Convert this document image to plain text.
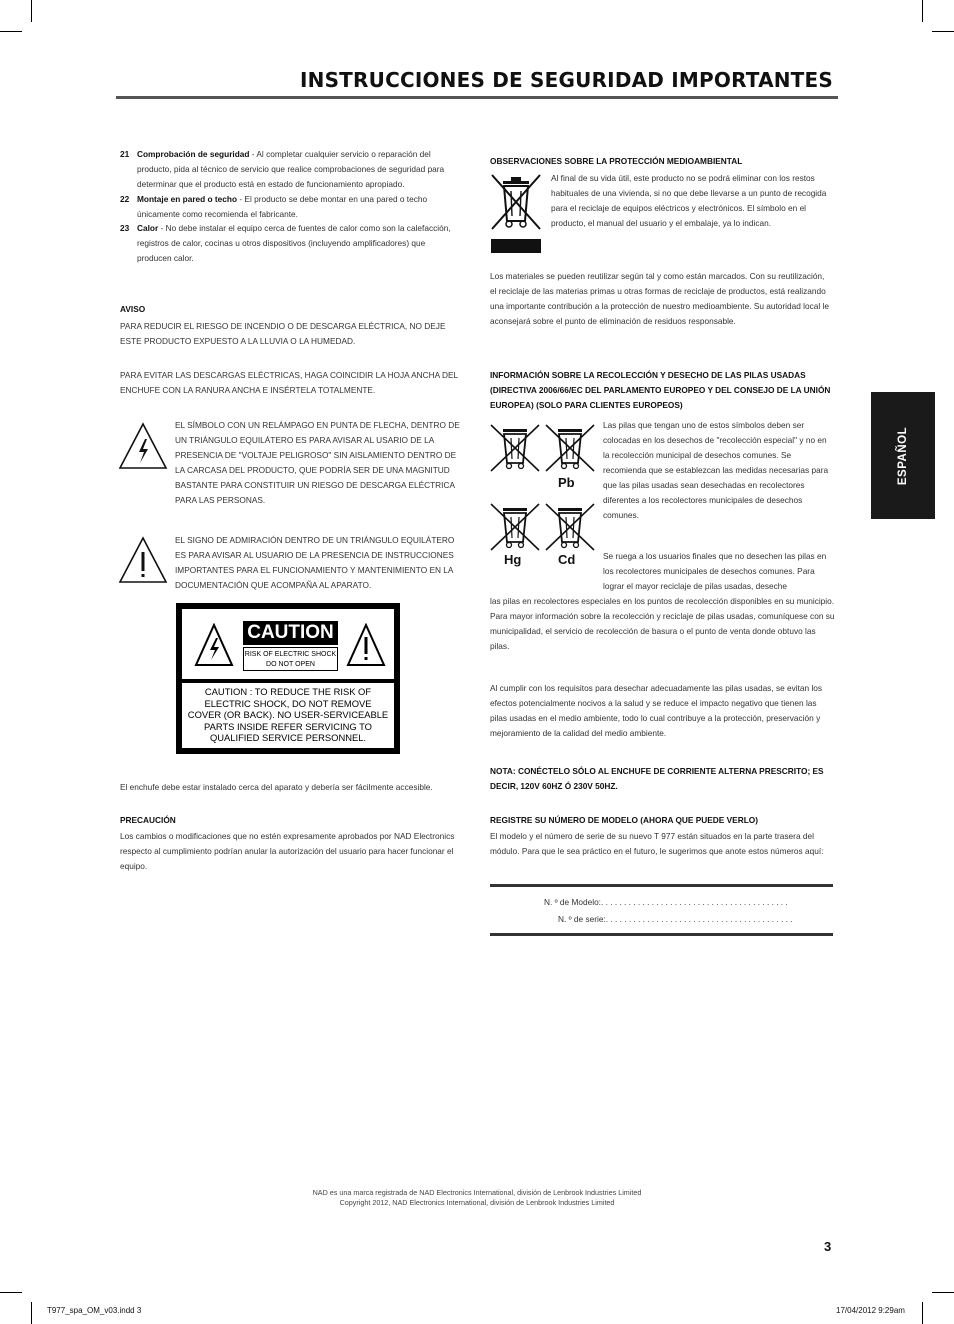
INSTRUCCIONES DE SEGURIDAD IMPORTANTES
ESPAÑOL
21 Comprobación de seguridad - Al completar cualquier servicio o reparación del producto, pida al técnico de servicio que realice comprobaciones de seguridad para determinar que el producto está en estado de funcionamiento apropiado.
22 Montaje en pared o techo - El producto se debe montar en una pared o techo únicamente como recomienda el fabricante.
23 Calor - No debe instalar el equipo cerca de fuentes de calor como son la calefacción, registros de calor, cocinas u otros dispositivos (incluyendo amplificadores) que producen calor.
AVISO
PARA REDUCIR EL RIESGO DE INCENDIO O DE DESCARGA ELÉCTRICA, NO DEJE ESTE PRODUCTO EXPUESTO A LA LLUVIA O LA HUMEDAD.
PARA EVITAR LAS DESCARGAS ELÉCTRICAS, HAGA COINCIDIR LA HOJA ANCHA DEL ENCHUFE CON LA RANURA ANCHA E INSÉRTELA TOTALMENTE.
EL SÍMBOLO CON UN RELÁMPAGO EN PUNTA DE FLECHA, DENTRO DE UN TRIÁNGULO EQUILÁTERO ES PARA AVISAR AL USARIO DE LA PRESENCIA DE "VOLTAJE PELIGROSO" SIN AISLAMIENTO DENTRO DE LA CARCASA DEL PRODUCTO, QUE PODRÍA SER DE UNA MAGNITUD BASTANTE PARA CONSTITUIR UN RIESGO DE DESCARGA ELÉCTRICA PARA LAS PERSONAS.
EL SIGNO DE ADMIRACIÓN DENTRO DE UN TRIÁNGULO EQUILÁTERO ES PARA AVISAR AL USUARIO DE LA PRESENCIA DE INSTRUCCIONES IMPORTANTES PARA EL FUNCIONAMIENTO Y MANTENIMIENTO EN LA DOCUMENTACIÓN QUE ACOMPAÑA AL APARATO.
CAUTION
RISK OF ELECTRIC SHOCK
DO NOT OPEN
CAUTION : TO REDUCE THE RISK OF
ELECTRIC SHOCK, DO NOT REMOVE
COVER (OR BACK). NO USER-SERVICEABLE
PARTS INSIDE REFER SERVICING TO
QUALIFIED SERVICE PERSONNEL.
El enchufe debe estar instalado cerca del aparato y debería ser fácilmente accesible.
PRECAUCIÓN
Los cambios o modificaciones que no estén expresamente aprobados por NAD Electronics respecto al cumplimiento podrían anular la autorización del usuario para hacer funcionar el equipo.
OBSERVACIONES SOBRE LA PROTECCIÓN MEDIOAMBIENTAL
Al final de su vida útil, este producto no se podrá eliminar con los restos habituales de una vivienda, si no que debe llevarse a un punto de recogida para el reciclaje de equipos eléctricos y electrónicos. El símbolo en el producto, el manual del usuario y el embalaje, ya lo indican.
Los materiales se pueden reutilizar según tal y como están marcados. Con su reutilización, el reciclaje de las materias primas u otras formas de reciclaje de productos, está realizando una importante contribución a la protección de nuestro medioambiente. Su autoridad local le aconsejará sobre el punto de eliminación de residuos responsable.
INFORMACIÓN SOBRE LA RECOLECCIÓN Y DESECHO DE LAS PILAS USADAS (DIRECTIVA 2006/66/EC DEL PARLAMENTO EUROPEO Y DEL CONSEJO DE LA UNIÓN EUROPEA) (SOLO PARA CLIENTES EUROPEOS)
Pb
Hg	Cd
Las pilas que tengan uno de estos símbolos deben ser colocadas en los desechos de "recolección especial" y no en la recolección municipal de desechos comunes. Se recomienda que se establezcan las medidas necesarias para que las pilas usadas sean desechadas en recolectores diferentes a los recolectores municipales de desechos comunes.
Se ruega a los usuarios finales que no desechen las pilas en los recolectores municipales de desechos comunes. Para lograr el mayor reciclaje de pilas usadas, deseche
las pilas en recolectores especiales en los puntos de recolección disponibles en su municipio. Para mayor información sobre la recolección y reciclaje de pilas usadas, comuníquese con su municipalidad, el servicio de recolección de basura o el punto de venta donde obtuvo las pilas.
Al cumplir con los requisitos para desechar adecuadamente las pilas usadas, se evitan los efectos potencialmente nocivos a la salud y se reduce el impacto negativo que tienen las pilas usadas en el medio ambiente, todo lo cual contribuye a la protección, preservación y mejoramiento de la calidad del medio ambiente.
NOTA: CONÉCTELO SÓLO AL ENCHUFE DE CORRIENTE ALTERNA PRESCRITO; ES DECIR, 120V 60HZ Ó 230V 50HZ.
REGISTRE SU NÚMERO DE MODELO (AHORA QUE PUEDE VERLO)
El modelo y el número de serie de su nuevo T 977 están situados en la parte trasera del módulo. Para que le sea práctico en el futuro, le sugerimos que anote estos números aquí:
N. º de Modelo:. . . . . . . . . . . . . . . . . . . . . . . . . . . . . . . . . . . . . . . . .
N. º de serie:. . . . . . . . . . . . . . . . . . . . . . . . . . . . . . . . . . . . . . . . .
NAD es una marca registrada de NAD Electronics International, división de Lenbrook Industries Limited
Copyright 2012, NAD Electronics International, división de Lenbrook Industries Limited
3
T977_spa_OM_v03.indd 3	17/04/2012 9:29am
